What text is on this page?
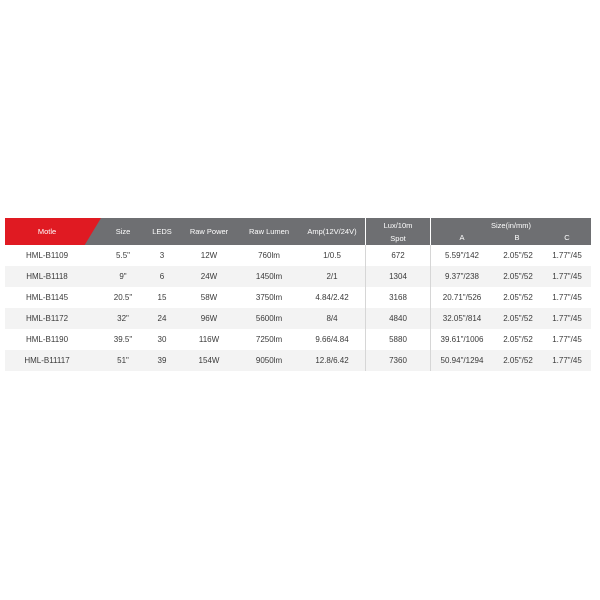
Motle	Size	LEDS	Raw Power	Raw Lumen	Amp(12V/24V)
Lux/10m
Spot
Size(in/mm)
A	B	C
HML-B1109	5.5"	3	12W	760lm	1/0.5	672	5.59"/142	2.05"/52	1.77"/45
HML-B1118	9"	6	24W	1450lm	2/1	1304	9.37"/238	2.05"/52	1.77"/45
HML-B1145	20.5"	15	58W	3750lm	4.84/2.42	3168	20.71"/526	2.05"/52	1.77"/45
HML-B1172	32"	24	96W	5600lm	8/4	4840	32.05"/814	2.05"/52	1.77"/45
HML-B1190	39.5"	30	116W	7250lm	9.66/4.84	5880	39.61"/1006	2.05"/52	1.77"/45
HML-B11117	51"	39	154W	9050lm	12.8/6.42	7360	50.94"/1294	2.05"/52	1.77"/45
